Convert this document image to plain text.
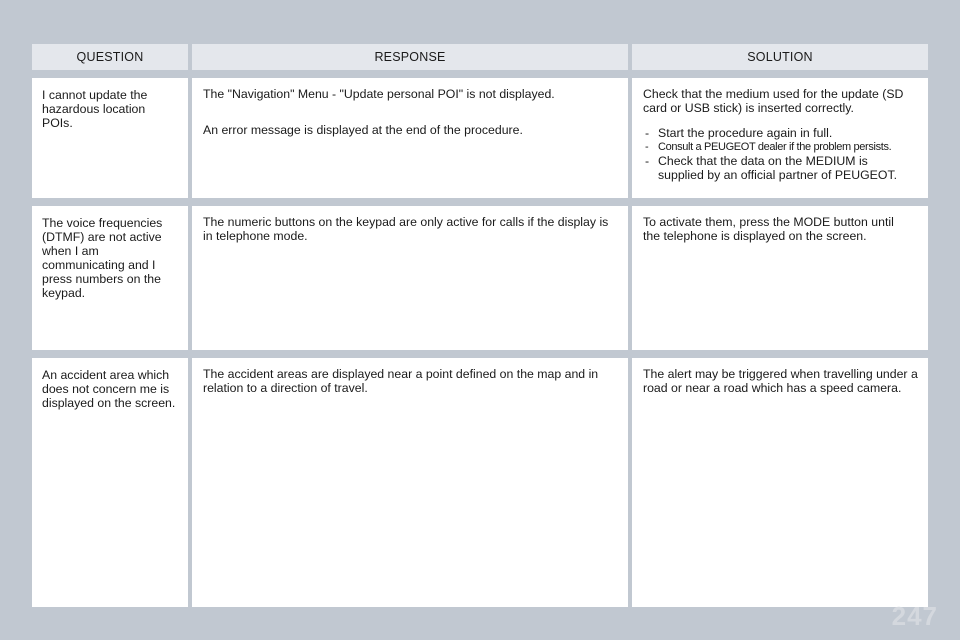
QUESTION	RESPONSE	SOLUTION

I cannot update the hazardous location POIs.

The "Navigation" Menu - "Update personal POI" is not displayed.

An error message is displayed at the end of the procedure.

Check that the medium used for the update (SD card or USB stick) is inserted correctly.

- Start the procedure again in full.
- Consult a PEUGEOT dealer if the problem persists.
- Check that the data on the MEDIUM is supplied by an official partner of PEUGEOT.

The voice frequencies (DTMF) are not active when I am communicating and I press numbers on the keypad.

The numeric buttons on the keypad are only active for calls if the display is in telephone mode.

To activate them, press the MODE button until the telephone is displayed on the screen.

An accident area which does not concern me is displayed on the screen.

The accident areas are displayed near a point defined on the map and in relation to a direction of travel.

The alert may be triggered when travelling under a road or near a road which has a speed camera.

247
